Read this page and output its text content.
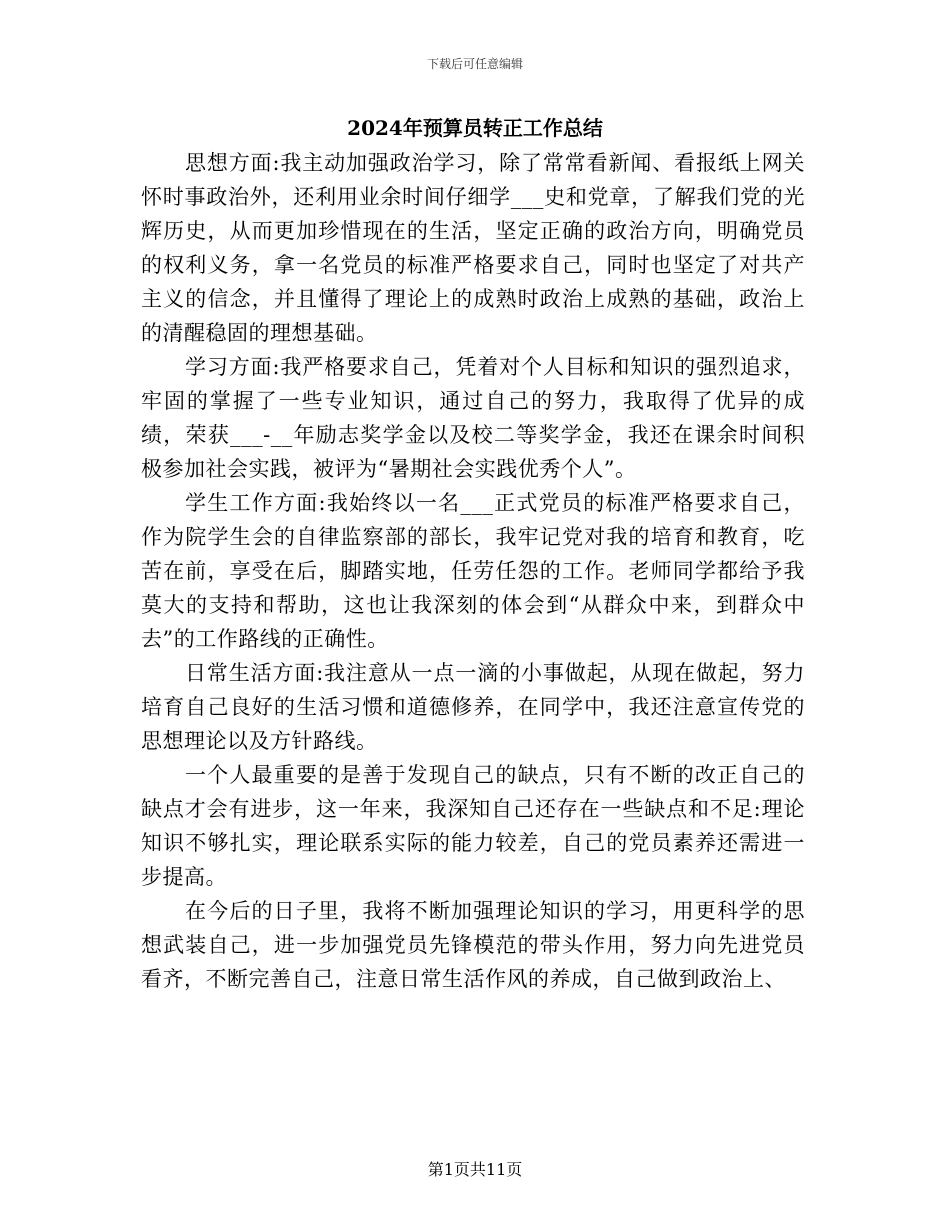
下载后可任意编辑
2024年预算员转正工作总结

思想方面:我主动加强政治学习，除了常常看新闻、看报纸上网关怀时事政治外，还利用业余时间仔细学___史和党章，了解我们党的光辉历史，从而更加珍惜现在的生活，坚定正确的政治方向，明确党员的权利义务，拿一名党员的标准严格要求自己，同时也坚定了对共产主义的信念，并且懂得了理论上的成熟时政治上成熟的基础，政治上的清醒稳固的理想基础。

学习方面:我严格要求自己，凭着对个人目标和知识的强烈追求，牢固的掌握了一些专业知识，通过自己的努力，我取得了优异的成绩，荣获___-__年励志奖学金以及校二等奖学金，我还在课余时间积极参加社会实践，被评为“暑期社会实践优秀个人”。

学生工作方面:我始终以一名___正式党员的标准严格要求自己，作为院学生会的自律监察部的部长，我牢记党对我的培育和教育，吃苦在前，享受在后，脚踏实地，任劳任怨的工作。老师同学都给予我莫大的支持和帮助，这也让我深刻的体会到“从群众中来，到群众中去”的工作路线的正确性。

日常生活方面:我注意从一点一滴的小事做起，从现在做起，努力培育自己良好的生活习惯和道德修养，在同学中，我还注意宣传党的思想理论以及方针路线。

一个人最重要的是善于发现自己的缺点，只有不断的改正自己的缺点才会有进步，这一年来，我深知自己还存在一些缺点和不足:理论知识不够扎实，理论联系实际的能力较差，自己的党员素养还需进一步提高。

在今后的日子里，我将不断加强理论知识的学习，用更科学的思想武装自己，进一步加强党员先锋模范的带头作用，努力向先进党员看齐，不断完善自己，注意日常生活作风的养成，自己做到政治上、

第1页共11页
